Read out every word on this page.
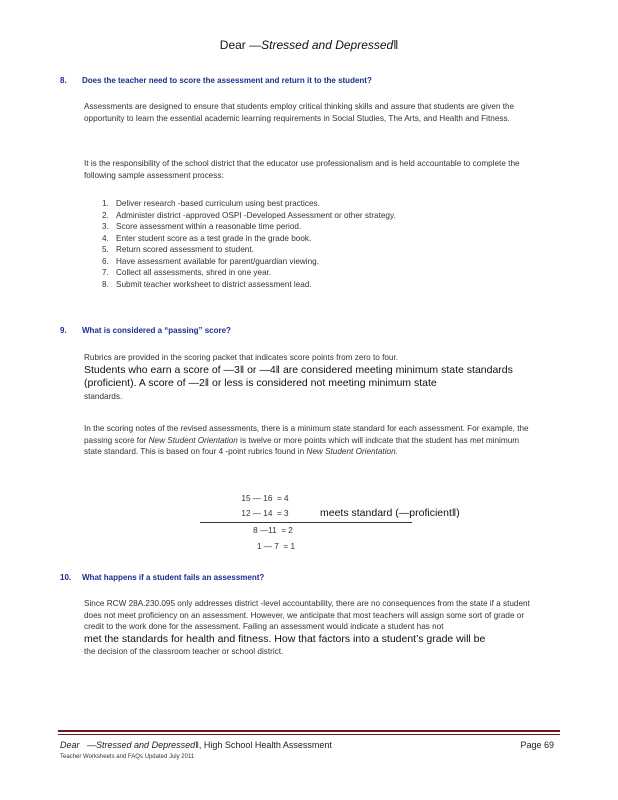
Dear —Stressed and Depressed‖
8. Does the teacher need to score the assessment and return it to the student?
Assessments are designed to ensure that students employ critical thinking skills and assure that students are given the opportunity to learn the essential academic learning requirements in Social Studies, The Arts, and Health and Fitness.
It is the responsibility of the school district that the educator use professionalism and is held accountable to complete the following sample assessment process:
1. Deliver research -based curriculum using best practices.
2. Administer district -approved OSPI -Developed Assessment or other strategy.
3. Score assessment within a reasonable time period.
4. Enter student score as a test grade in the grade book.
5. Return scored assessment to student.
6. Have assessment available for parent/guardian viewing.
7. Collect all assessments, shred in one year.
8. Submit teacher worksheet to district assessment lead.
9. What is considered a “passing” score?
Rubrics are provided in the scoring packet that indicates score points from zero to four.
Students who earn a score of —3‖ or —4‖ are considered meeting minimum state standards (proficient). A score of —2‖ or less is considered not meeting minimum state
standards.
In the scoring notes of the revised assessments, there is a minimum state standard for each assessment. For example, the passing score for New Student Orientation is twelve or more points which will indicate that the student has met minimum state standard. This is based on four 4 -point rubrics found in New Student Orientation.
15 — 16 = 4
12 — 14 = 3	meets standard (—proficient‖)
8 —11 = 2
1 — 7 = 1
10. What happens if a student fails an assessment?
Since RCW 28A.230.095 only addresses district -level accountability, there are no consequences from the state if a student does not meet proficiency on an assessment. However, we anticipate that most teachers will assign some sort of grade or credit to the work done for the assessment. Failing an assessment would indicate a student has not
met the standards for health and fitness. How that factors into a student’s grade will be
the decision of the classroom teacher or school district.
Dear —Stressed and Depressed‖, High School Health Assessment	Page 69
Teacher Worksheets and FAQs Updated July 2011
